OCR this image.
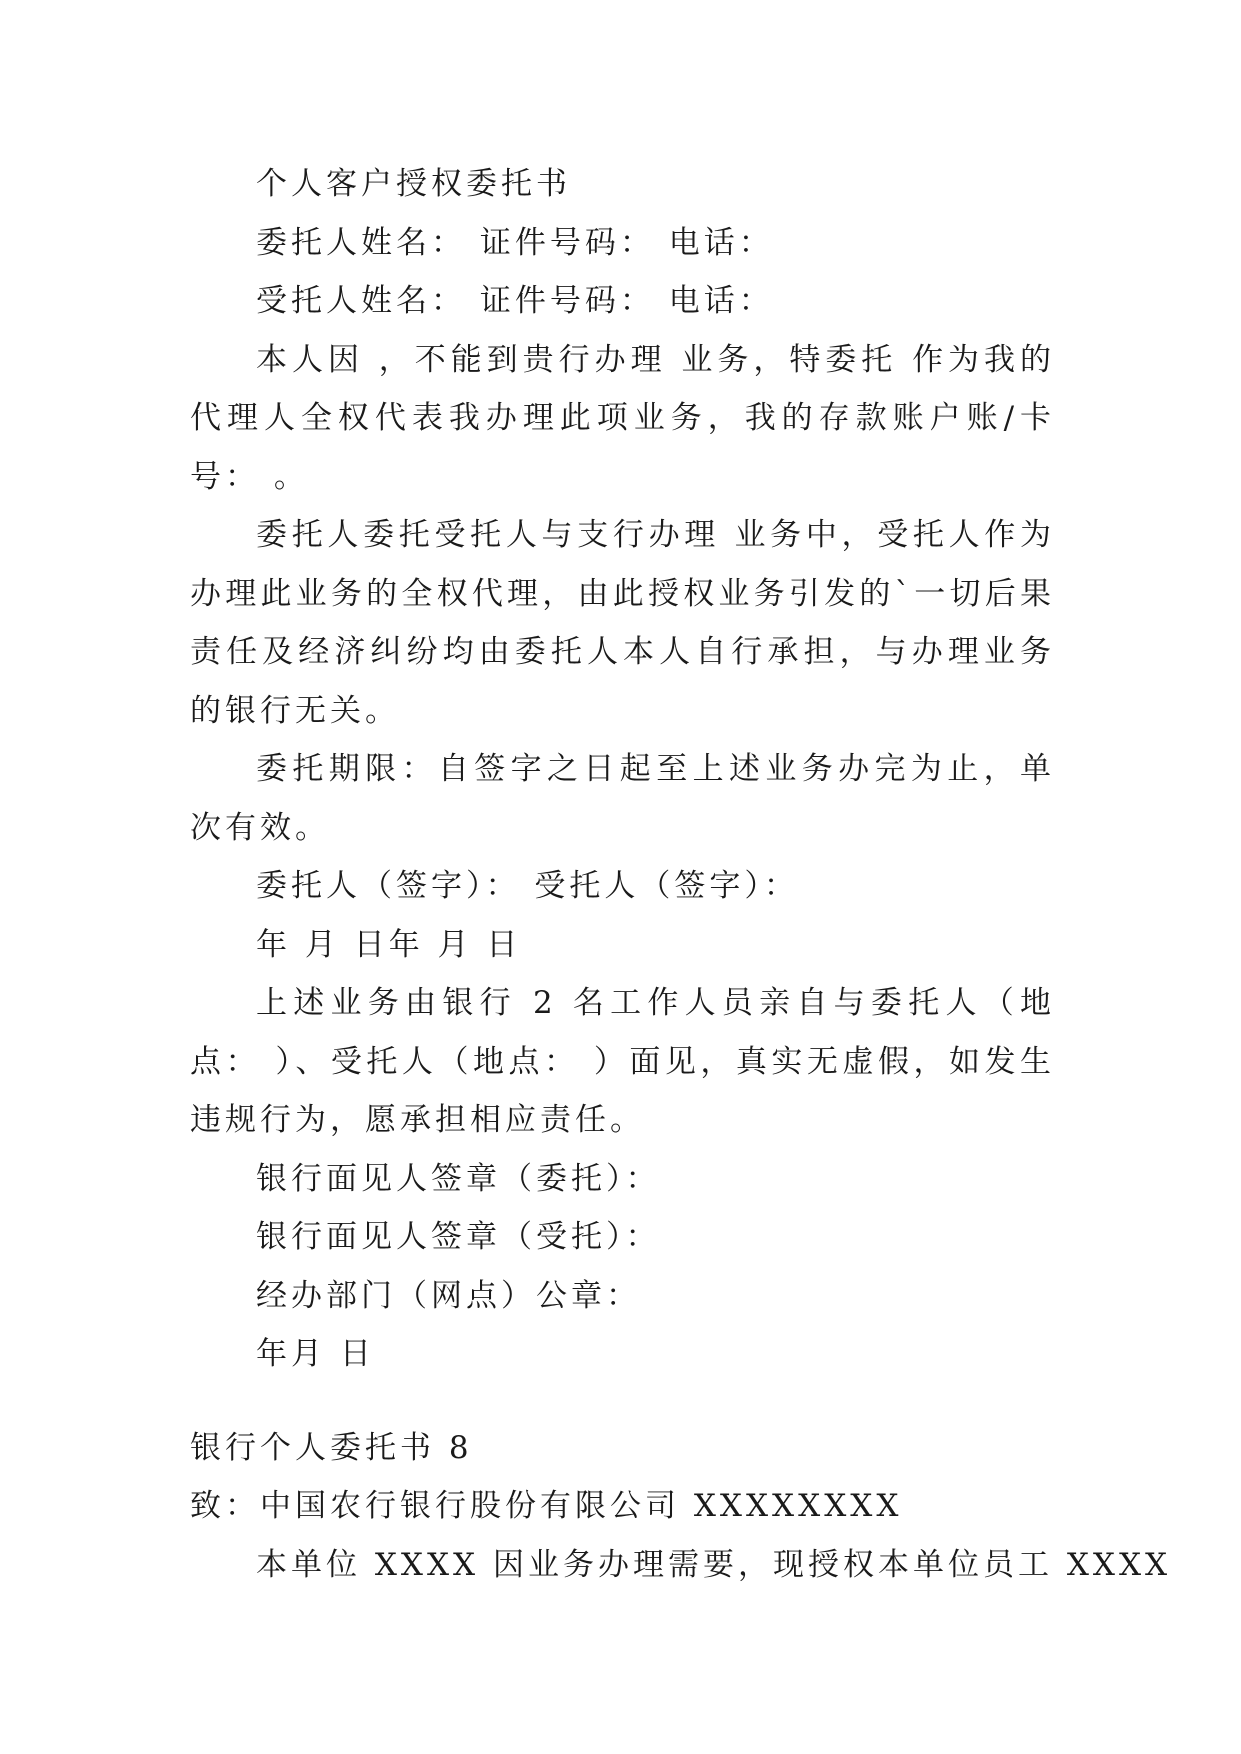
个人客户授权委托书

委托人姓名： 证件号码： 电话：

受托人姓名： 证件号码： 电话：

本人因 ，不能到贵行办理 业务，特委托 作为我的代理人全权代表我办理此项业务，我的存款账户账/卡号： 。

委托人委托受托人与支行办理 业务中，受托人作为办理此业务的全权代理，由此授权业务引发的`一切后果责任及经济纠纷均由委托人本人自行承担，与办理业务的银行无关。

委托期限：自签字之日起至上述业务办完为止，单次有效。

委托人（签字）： 受托人（签字）：

年 月 日年 月 日

上述业务由银行 2 名工作人员亲自与委托人（地点： ）、受托人（地点： ）面见，真实无虚假，如发生违规行为，愿承担相应责任。

银行面见人签章（委托）：

银行面见人签章（受托）：

经办部门（网点）公章：

年月 日

银行个人委托书 8

致：中国农行银行股份有限公司 XXXXXXXX

本单位 XXXX 因业务办理需要，现授权本单位员工 XXXX
